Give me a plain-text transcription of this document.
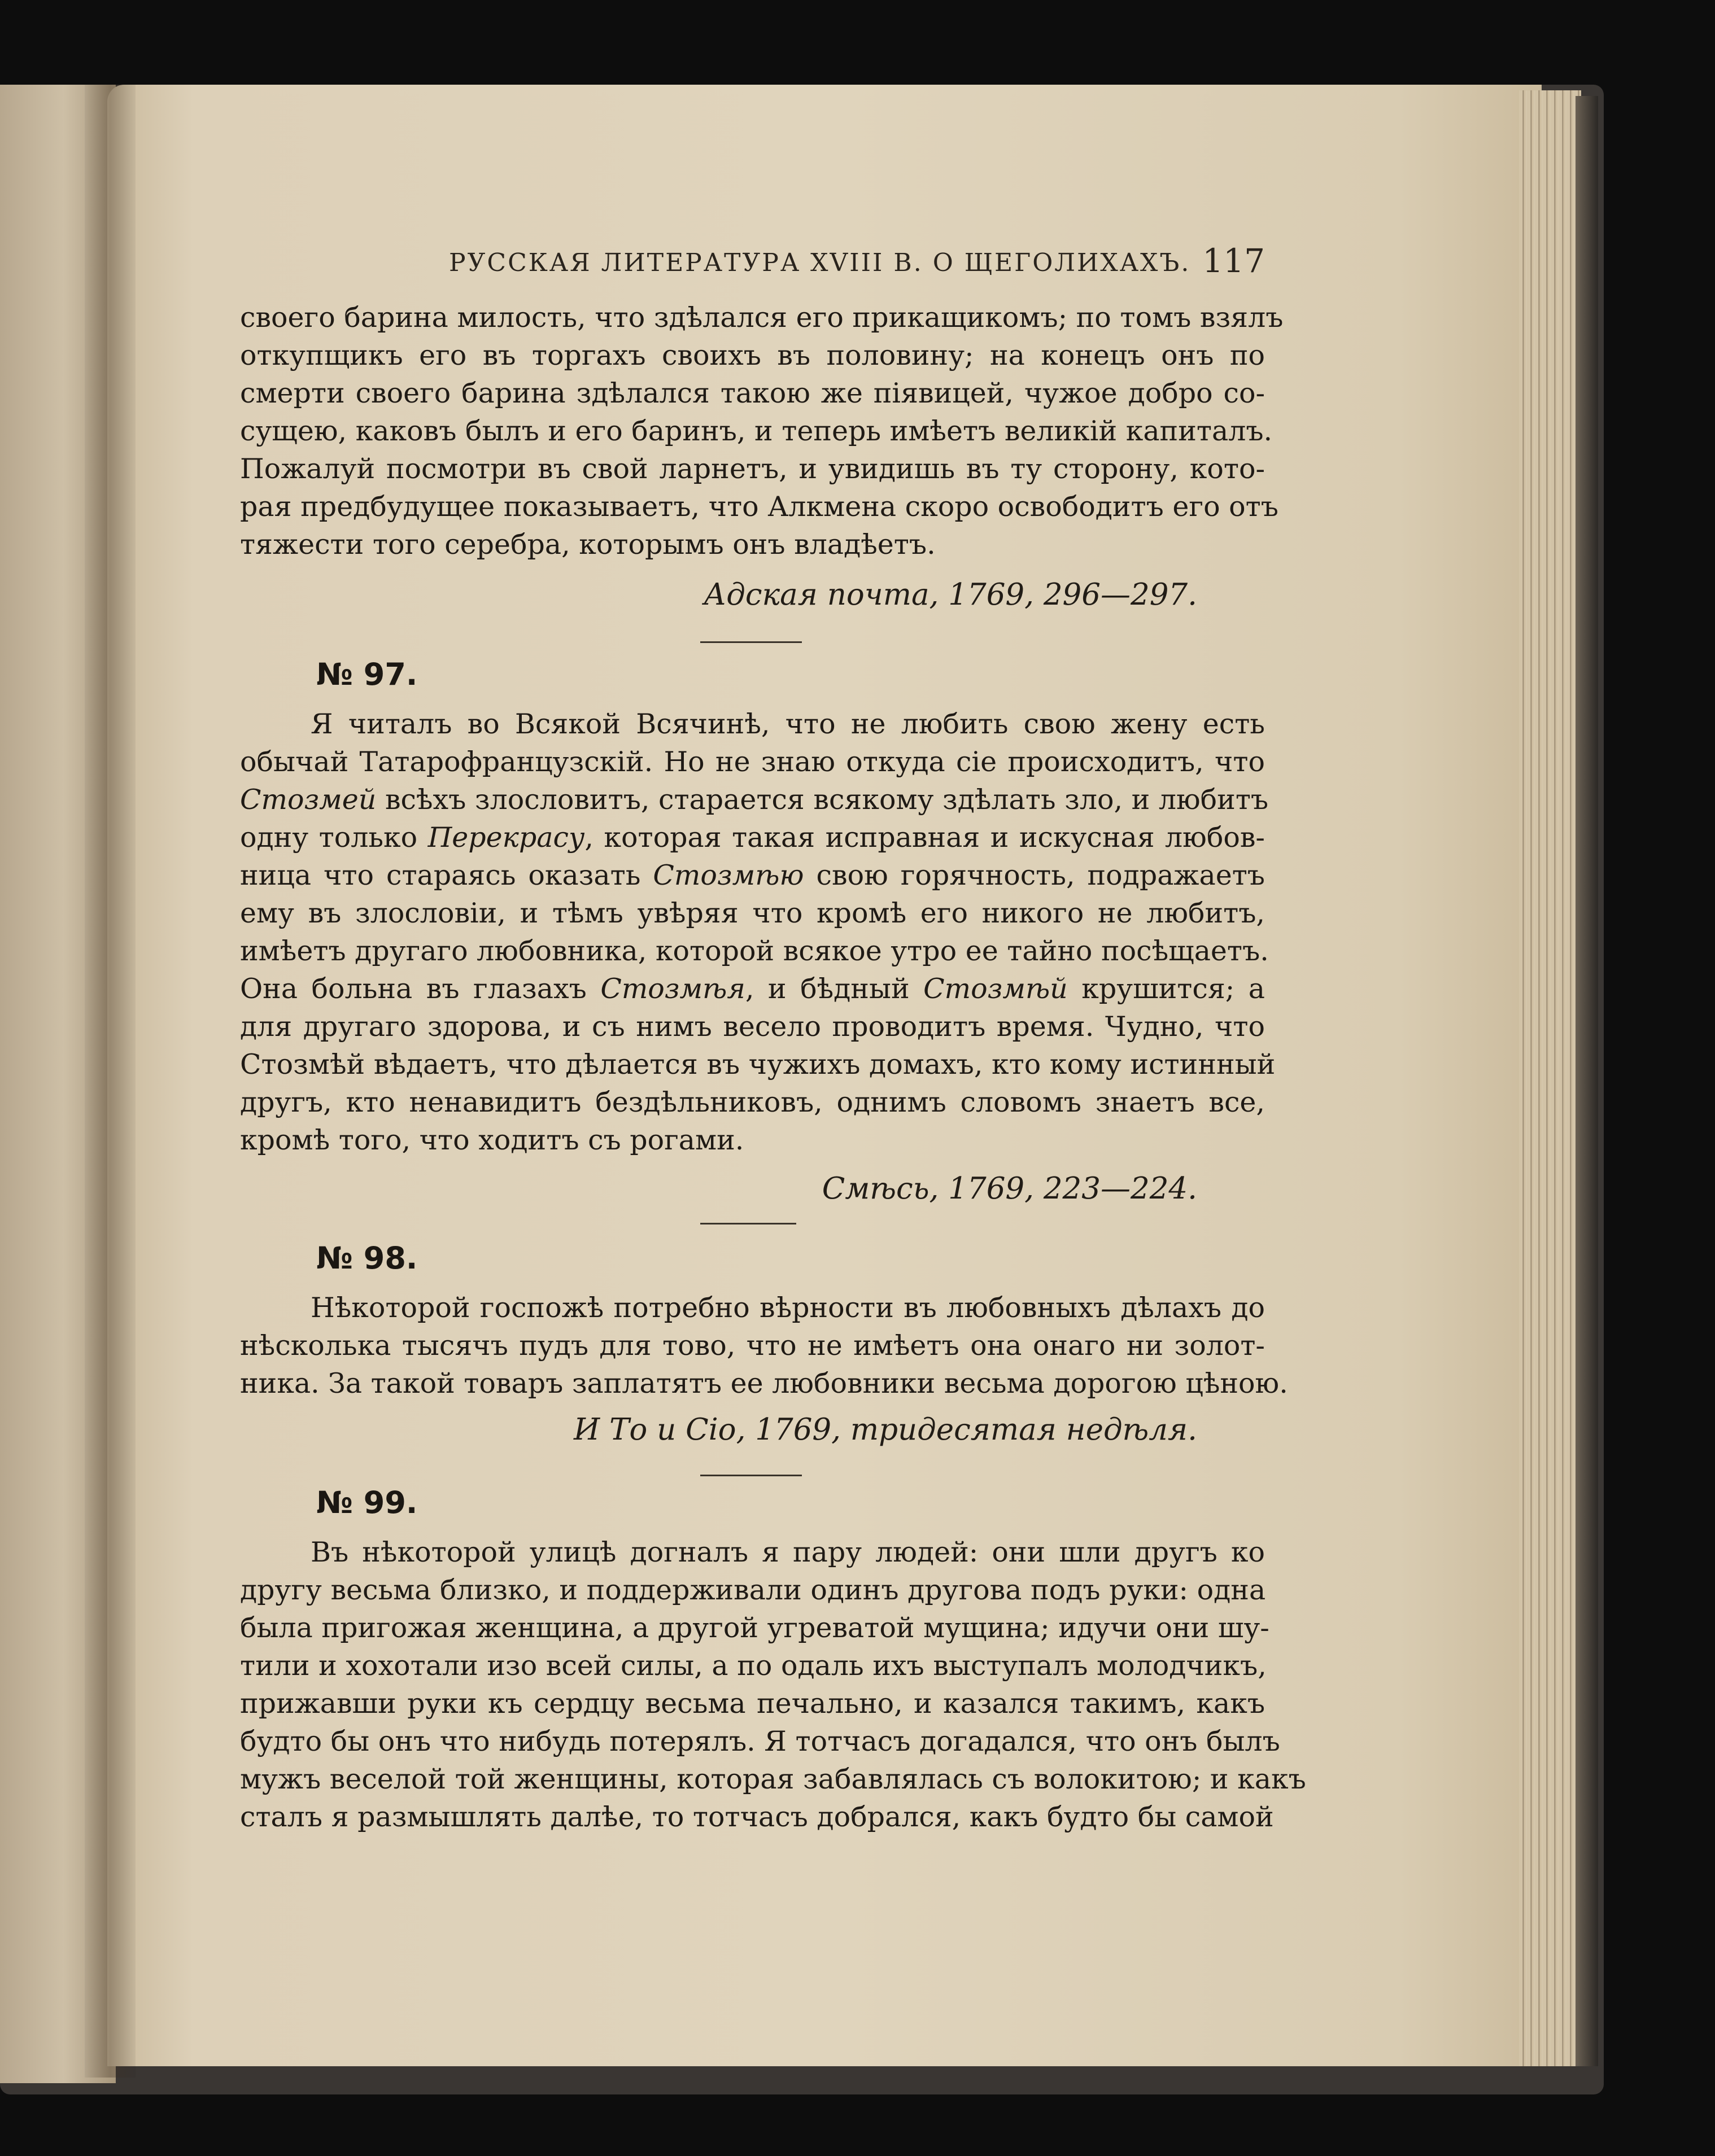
РУССКАЯ ЛИТЕРАТУРА XVIII В. О ЩЕГОЛИХАХЪ. 117
своего барина милость, что здѣлался его прикащикомъ; по томъ взялъ
откупщикъ его въ торгахъ своихъ въ половину; на конецъ онъ по
смерти своего барина здѣлался такою же піявицей, чужое добро со-
сущею, каковъ былъ и его баринъ, и теперь имѣетъ великій капиталъ.
Пожалуй посмотри въ свой ларнетъ, и увидишь въ ту сторону, кото-
рая предбудущее показываетъ, что Алкмена скоро освободитъ его отъ
тяжести того серебра, которымъ онъ владѣетъ.
Адская почта, 1769, 296—297.
№ 97.
Я читалъ во Всякой Всячинѣ, что не любить свою жену есть
обычай Татарофранцузскій. Но не знаю откуда сіе происходитъ, что
Стозмей всѣхъ злословитъ, старается всякому здѣлать зло, и любитъ
одну только Перекрасу, которая такая исправная и искусная любов-
ница что стараясь оказать Стозмѣю свою горячность, подражаетъ
ему въ злословіи, и тѣмъ увѣряя что кромѣ его никого не любитъ,
имѣетъ другаго любовника, которой всякое утро ее тайно посѣщаетъ.
Она больна въ глазахъ Стозмѣя, и бѣдный Стозмѣй крушится; а
для другаго здорова, и съ нимъ весело проводитъ время. Чудно, что
Стозмѣй вѣдаетъ, что дѣлается въ чужихъ домахъ, кто кому истинный
другъ, кто ненавидитъ бездѣльниковъ, однимъ словомъ знаетъ все,
кромѣ того, что ходитъ съ рогами.
Смѣсь, 1769, 223—224.
№ 98.
Нѣкоторой госпожѣ потребно вѣрности въ любовныхъ дѣлахъ до
нѣсколька тысячъ пудъ для тово, что не имѣетъ она онаго ни золот-
ника. За такой товаръ заплатятъ ее любовники весьма дорогою цѣною.
И То и Сіо, 1769, тридесятая недѣля.
№ 99.
Въ нѣкоторой улицѣ догналъ я пару людей: они шли другъ ко
другу весьма близко, и поддерживали одинъ другова подъ руки: одна
была пригожая женщина, а другой угреватой мущина; идучи они шу-
тили и хохотали изо всей силы, а по одаль ихъ выступалъ молодчикъ,
прижавши руки къ сердцу весьма печально, и казался такимъ, какъ
будто бы онъ что нибудь потерялъ. Я тотчасъ догадался, что онъ былъ
мужъ веселой той женщины, которая забавлялась съ волокитою; и какъ
сталъ я размышлять далѣе, то тотчасъ добрался, какъ будто бы самой
